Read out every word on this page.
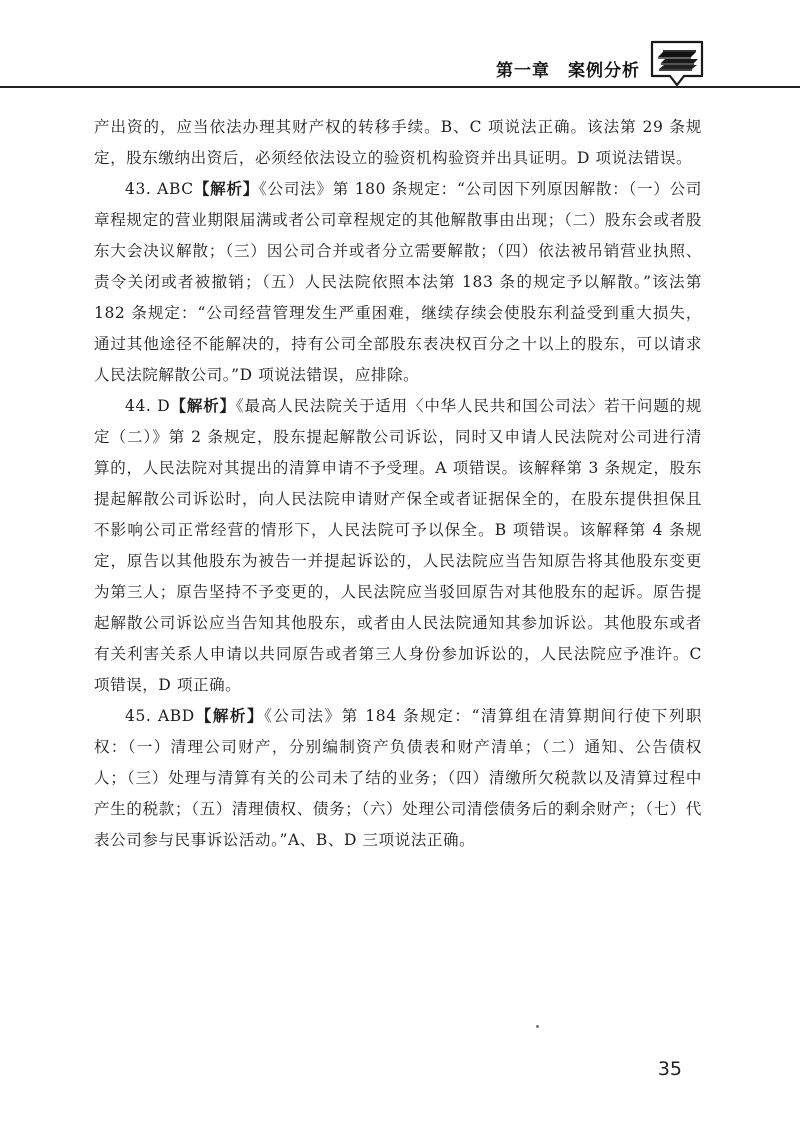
第一章 案例分析

产出资的，应当依法办理其财产权的转移手续。B、C 项说法正确。该法第 29 条规定，股东缴纳出资后，必须经依法设立的验资机构验资并出具证明。D 项说法错误。

43. ABC【解析】《公司法》第 180 条规定：“公司因下列原因解散：（一）公司章程规定的营业期限届满或者公司章程规定的其他解散事由出现；（二）股东会或者股东大会决议解散；（三）因公司合并或者分立需要解散；（四）依法被吊销营业执照、责令关闭或者被撤销；（五）人民法院依照本法第 183 条的规定予以解散。”该法第 182 条规定：“公司经营管理发生严重困难，继续存续会使股东利益受到重大损失，通过其他途径不能解决的，持有公司全部股东表决权百分之十以上的股东，可以请求人民法院解散公司。”D 项说法错误，应排除。

44. D【解析】《最高人民法院关于适用〈中华人民共和国公司法〉若干问题的规定（二）》第 2 条规定，股东提起解散公司诉讼，同时又申请人民法院对公司进行清算的，人民法院对其提出的清算申请不予受理。A 项错误。该解释第 3 条规定，股东提起解散公司诉讼时，向人民法院申请财产保全或者证据保全的，在股东提供担保且不影响公司正常经营的情形下，人民法院可予以保全。B 项错误。该解释第 4 条规定，原告以其他股东为被告一并提起诉讼的，人民法院应当告知原告将其他股东变更为第三人；原告坚持不予变更的，人民法院应当驳回原告对其他股东的起诉。原告提起解散公司诉讼应当告知其他股东，或者由人民法院通知其参加诉讼。其他股东或者有关利害关系人申请以共同原告或者第三人身份参加诉讼的，人民法院应予准许。C 项错误，D 项正确。

45. ABD【解析】《公司法》第 184 条规定：“清算组在清算期间行使下列职权：（一）清理公司财产，分别编制资产负债表和财产清单；（二）通知、公告债权人；（三）处理与清算有关的公司未了结的业务；（四）清缴所欠税款以及清算过程中产生的税款；（五）清理债权、债务；（六）处理公司清偿债务后的剩余财产；（七）代表公司参与民事诉讼活动。”A、B、D 三项说法正确。

35
